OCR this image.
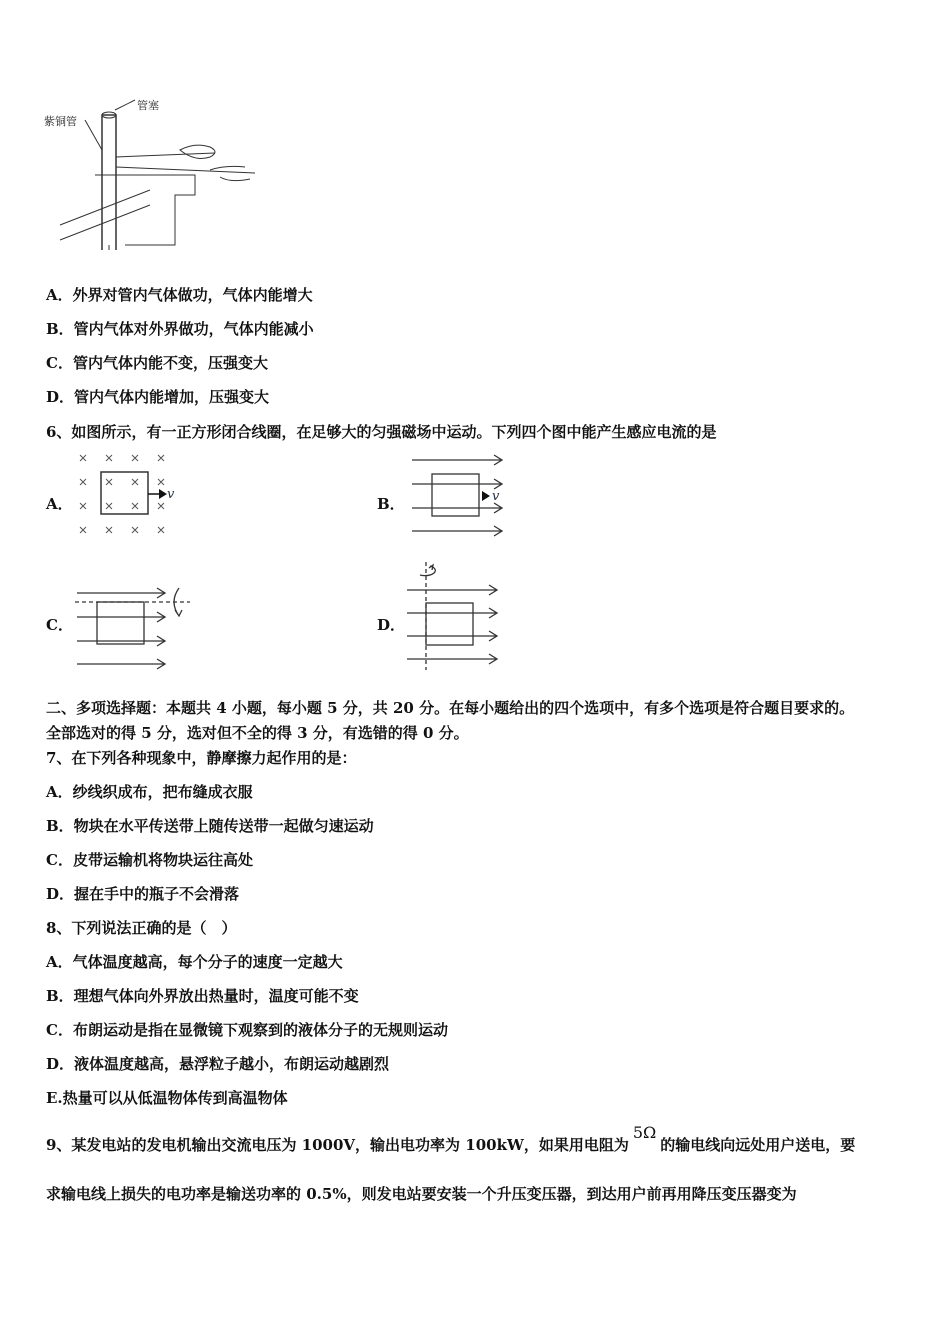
管塞
紫铜管
A．外界对管内气体做功，气体内能增大
B．管内气体对外界做功，气体内能减小
C．管内气体内能不变，压强变大
D．管内气体内能增加，压强变大
6、如图所示，有一正方形闭合线圈，在足够大的匀强磁场中运动。下列四个图中能产生感应电流的是
A．	B．
C．	D．
v	v
二、多项选择题：本题共 4 小题，每小题 5 分，共 20 分。在每小题给出的四个选项中，有多个选项是符合题目要求的。
全部选对的得 5 分，选对但不全的得 3 分，有选错的得 0 分。
7、在下列各种现象中，静摩擦力起作用的是：
A．纱线织成布，把布缝成衣服
B．物块在水平传送带上随传送带一起做匀速运动
C．皮带运输机将物块运往高处
D．握在手中的瓶子不会滑落
8、下列说法正确的是（　）
A．气体温度越高，每个分子的速度一定越大
B．理想气体向外界放出热量时，温度可能不变
C．布朗运动是指在显微镜下观察到的液体分子的无规则运动
D．液体温度越高，悬浮粒子越小，布朗运动越剧烈
E.热量可以从低温物体传到高温物体
9、某发电站的发电机输出交流电压为 1000V，输出电功率为 100kW，如果用电阻为5Ω的输电线向远处用户送电，要
求输电线上损失的电功率是输送功率的 0.5%，则发电站要安装一个升压变压器，到达用户前再用降压变压器变为
